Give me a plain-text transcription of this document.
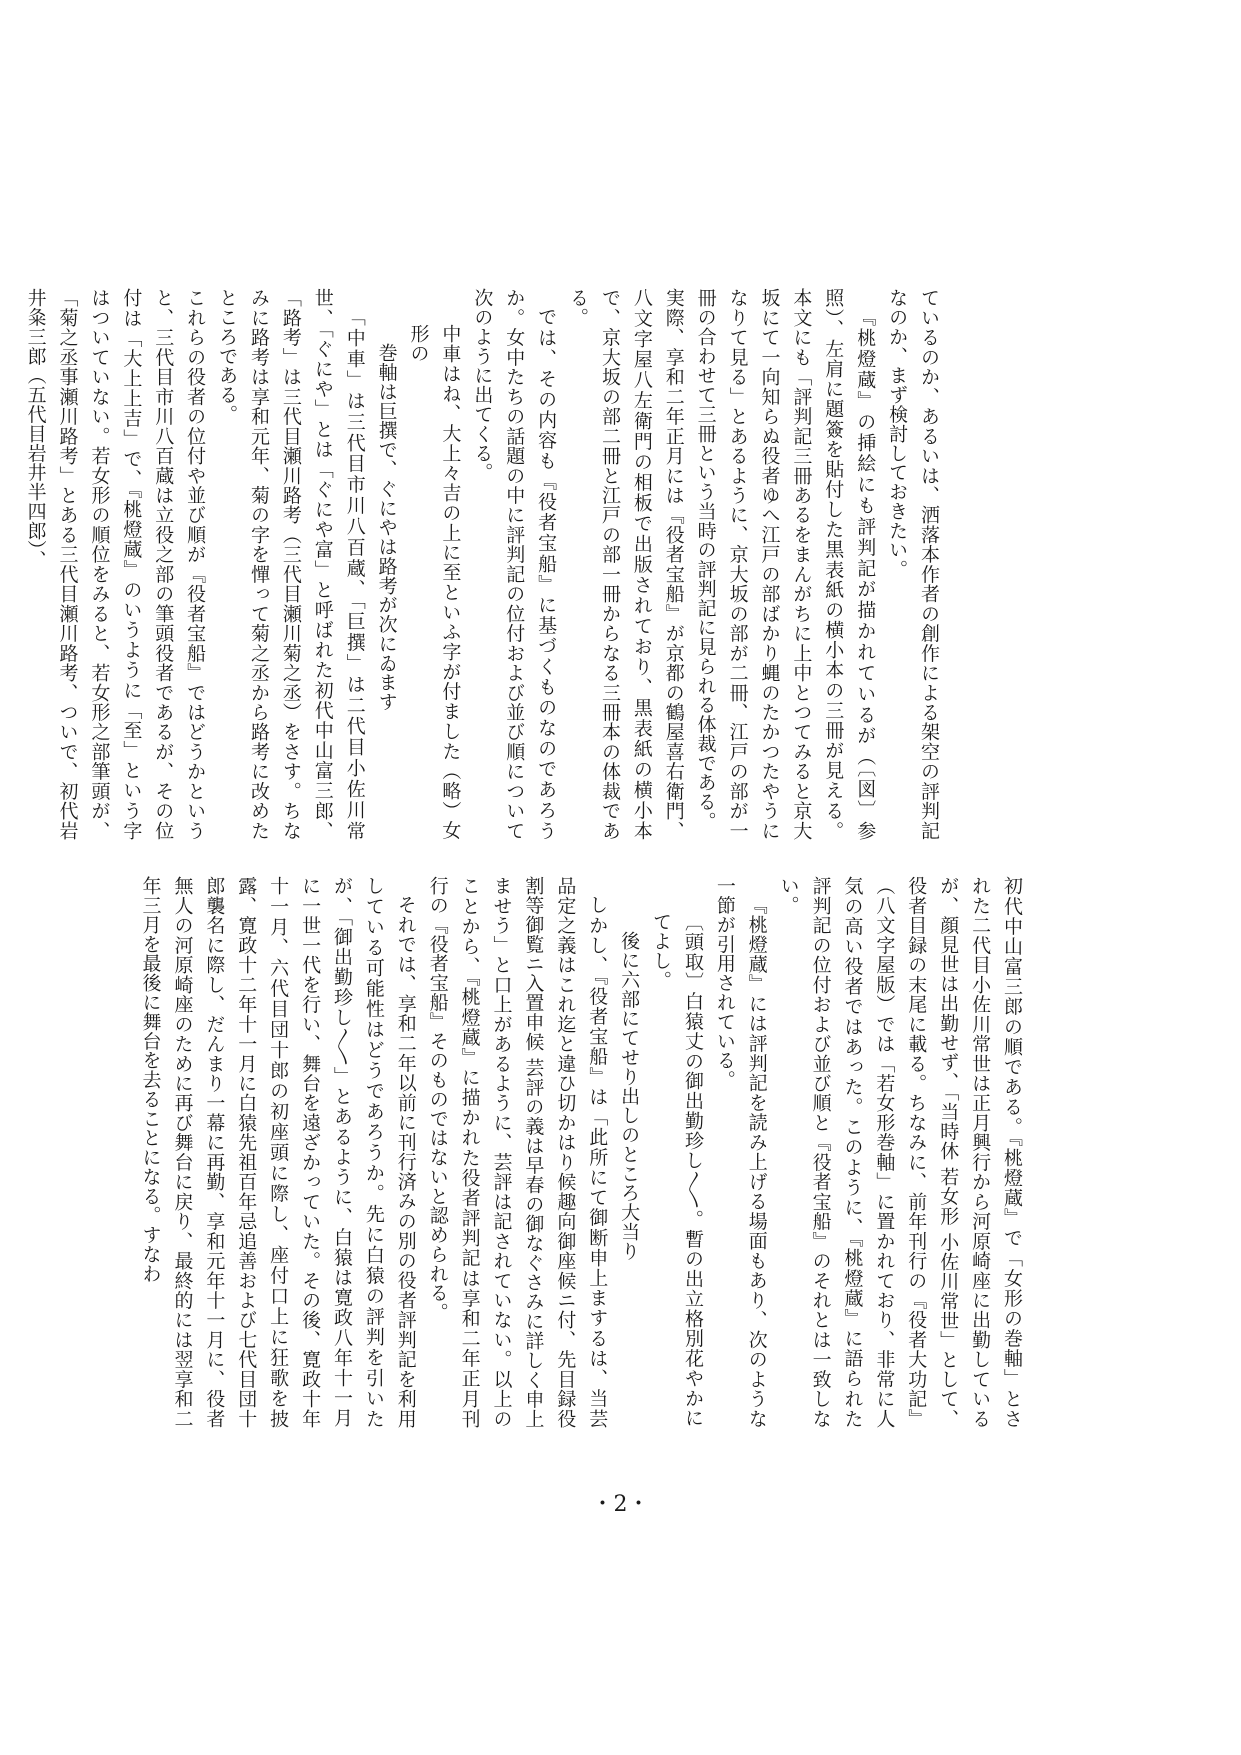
ているのか、あるいは、洒落本作者の創作による架空の評判記なのか、まず検討しておきたい。

『桃燈蔵』の挿絵にも評判記が描かれているが（〔図〕参照）、左肩に題簽を貼付した黒表紙の横小本の三冊が見える。本文にも「評判記三冊あるをまんがちに上中とつてみると京大坂にて一向知らぬ役者ゆへ江戸の部ばかり蝿のたかつたやうになりて見る」とあるように、京大坂の部が二冊、江戸の部が一冊の合わせて三冊という当時の評判記に見られる体裁である。

実際、享和二年正月には『役者宝船』が京都の鶴屋喜右衛門、八文字屋八左衛門の相板で出版されており、黒表紙の横小本で、京大坂の部二冊と江戸の部一冊からなる三冊本の体裁である。

では、その内容も『役者宝船』に基づくものなのであろうか。女中たちの話題の中に評判記の位付および並び順について次のように出てくる。

中車はね、大上々吉の上に至といふ字が付ました（略）女形の
巻軸は巨撰で、ぐにやは路考が次にゐます

「中車」は三代目市川八百蔵、「巨撰」は二代目小佐川常世、「ぐにや」とは「ぐにや富」と呼ばれた初代中山富三郎、「路考」は三代目瀬川路考（三代目瀬川菊之丞）をさす。ちなみに路考は享和元年、菊の字を憚って菊之丞から路考に改めたところである。

これらの役者の位付や並び順が『役者宝船』ではどうかというと、三代目市川八百蔵は立役之部の筆頭役者であるが、その位付は「大上上吉」で、『桃燈蔵』のいうように「至」という字はついていない。若女形の順位をみると、若女形之部筆頭が、「菊之丞事瀬川路考」とある三代目瀬川路考、ついで、初代岩井粂三郎（五代目岩井半四郎）、

初代中山富三郎の順である。『桃燈蔵』で「女形の巻軸」とされた二代目小佐川常世は正月興行から河原崎座に出勤しているが、顔見世は出勤せず、「当時休 若女形 小佐川常世」として、役者目録の末尾に載る。ちなみに、前年刊行の『役者大功記』（八文字屋版）では「若女形巻軸」に置かれており、非常に人気の高い役者ではあった。このように、『桃燈蔵』に語られた評判記の位付および並び順と『役者宝船』のそれとは一致しない。

『桃燈蔵』には評判記を読み上げる場面もあり、次のような一節が引用されている。

〔頭取〕白猿丈の御出勤珍し〳〵。暫の出立格別花やかにてよし。
後に六部にてせり出しのところ大当り

しかし、『役者宝船』は「此所にて御断申上まするは、当芸品定之義はこれ迄と違ひ切かはり候趣向御座候ニ付、先目録役割等御覧ニ入置申候 芸評の義は早春の御なぐさみに詳しく申上ませう」と口上があるように、芸評は記されていない。以上のことから、『桃燈蔵』に描かれた役者評判記は享和二年正月刊行の『役者宝船』そのものではないと認められる。

それでは、享和二年以前に刊行済みの別の役者評判記を利用している可能性はどうであろうか。先に白猿の評判を引いたが、「御出勤珍し〳〵」とあるように、白猿は寛政八年十一月に一世一代を行い、舞台を遠ざかっていた。その後、寛政十年十一月、六代目団十郎の初座頭に際し、座付口上に狂歌を披露、寛政十二年十一月に白猿先祖百年忌追善および七代目団十郎襲名に際し、だんまり一幕に再勤、享和元年十一月に、役者無人の河原崎座のために再び舞台に戻り、最終的には翌享和二年三月を最後に舞台を去ることになる。すなわ

・2・
